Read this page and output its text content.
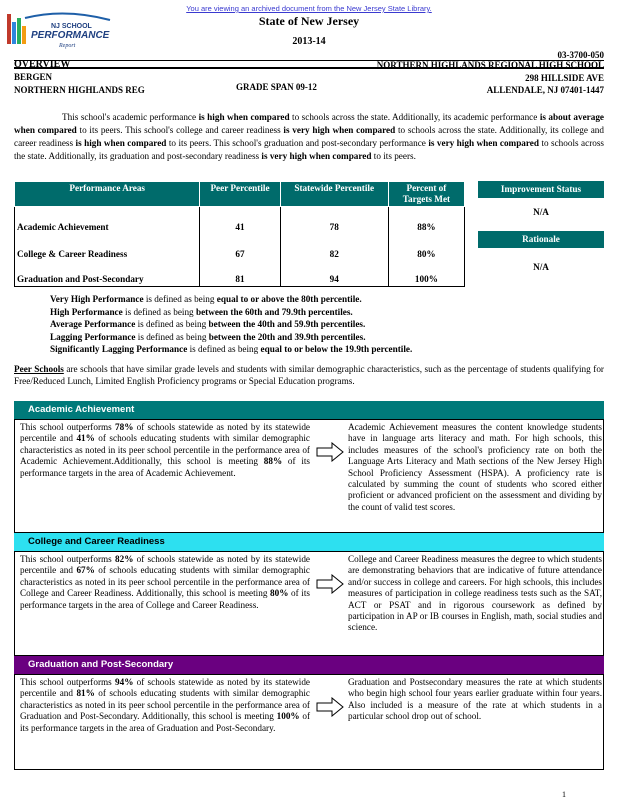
You are viewing an archived document from the New Jersey State Library.
NJ SCHOOL
PERFORMANCE
Report
State of New Jersey
2013-14
03-3700-050
OVERVIEW	NORTHERN HIGHLANDS REGIONAL HIGH SCHOOL
BERGEN	298 HILLSIDE AVE
NORTHERN HIGHLANDS REG	GRADE SPAN 09-12	ALLENDALE, NJ 07401-1447
This school's academic performance is high when compared to schools across the state. Additionally, its academic performance is about average when compared to its peers. This school's college and career readiness is very high when compared to schools across the state. Additionally, its college and career readiness is high when compared to its peers. This school's graduation and post-secondary performance is very high when compared to schools across the state. Additionally, its graduation and post-secondary readiness is very high when compared to its peers.
Performance Areas	Peer Percentile	Statewide Percentile	Percent of Targets Met
Academic Achievement	41	78	88%
College & Career Readiness	67	82	80%
Graduation and Post-Secondary	81	94	100%
Improvement Status
N/A
Rationale
N/A
Very High Performance is defined as being equal to or above the 80th percentile.
High Performance is defined as being between the 60th and 79.9th percentiles.
Average Performance is defined as being between the 40th and 59.9th percentiles.
Lagging Performance is defined as being between the 20th and 39.9th percentiles.
Significantly Lagging Performance is defined as being equal to or below the 19.9th percentile.
Peer Schools are schools that have similar grade levels and students with similar demographic characteristics, such as the percentage of students qualifying for Free/Reduced Lunch, Limited English Proficiency programs or Special Education programs.
Academic Achievement
This school outperforms 78% of schools statewide as noted by its statewide percentile and 41% of schools educating students with similar demographic characteristics as noted in its peer school percentile in the performance area of Academic Achievement.Additionally, this school is meeting 88% of its performance targets in the area of Academic Achievement.
Academic Achievement measures the content knowledge students have in language arts literacy and math. For high schools, this includes measures of the school's proficiency rate on both the Language Arts Literacy and Math sections of the New Jersey High School Proficiency Assessment (HSPA). A proficiency rate is calculated by summing the count of students who scored either proficient or advanced proficient on the assessment and dividing by the count of valid test scores.
College and Career Readiness
This school outperforms 82% of schools statewide as noted by its statewide percentile and 67% of schools educating students with similar demographic characteristics as noted in its peer school percentile in the performance area of College and Career Readiness. Additionally, this school is meeting 80% of its performance targets in the area of College and Career Readiness.
College and Career Readiness measures the degree to which students are demonstrating behaviors that are indicative of future attendance and/or success in college and careers. For high schools, this includes measures of participation in college readiness tests such as the SAT, ACT or PSAT and in rigorous coursework as defined by participation in AP or IB courses in English, math, social studies and science.
Graduation and Post-Secondary
This school outperforms 94% of schools statewide as noted by its statewide percentile and 81% of schools educating students with similar demographic characteristics as noted in its peer school percentile in the performance area of Graduation and Post-Secondary. Additionally, this school is meeting 100% of its performance targets in the area of Graduation and Post-Secondary.
Graduation and Postsecondary measures the rate at which students who begin high school four years earlier graduate within four years. Also included is a measure of the rate at which students in a particular school drop out of school.
1
